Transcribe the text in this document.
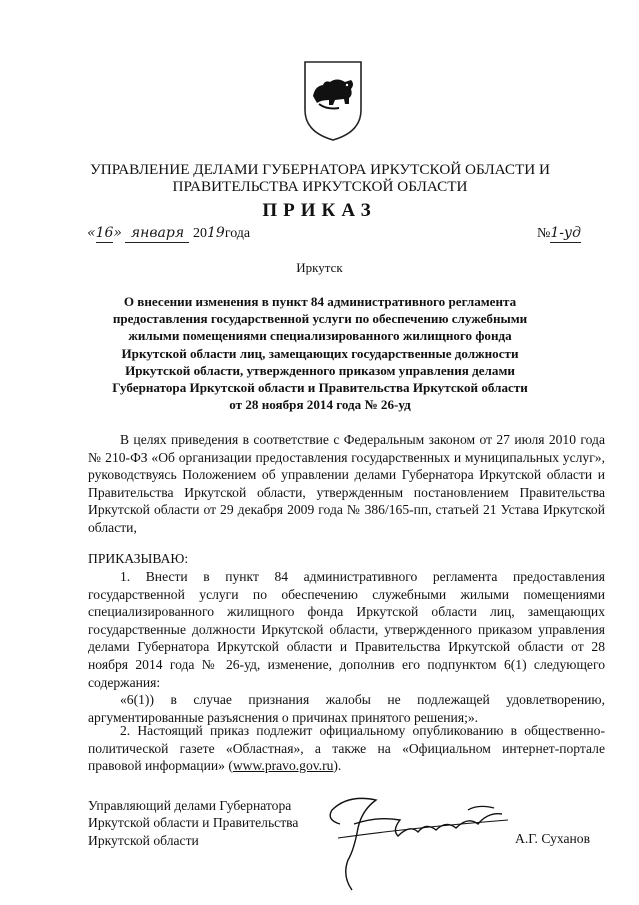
УПРАВЛЕНИЕ ДЕЛАМИ ГУБЕРНАТОРА ИРКУТСКОЙ ОБЛАСТИ И
ПРАВИТЕЛЬСТВА ИРКУТСКОЙ ОБЛАСТИ
ПРИКАЗ
«16» января 2019года	№1-уд
Иркутск
О внесении изменения в пункт 84 административного регламента
предоставления государственной услуги по обеспечению служебными
жилыми помещениями специализированного жилищного фонда
Иркутской области лиц, замещающих государственные должности
Иркутской области, утвержденного приказом управления делами
Губернатора Иркутской области и Правительства Иркутской области
от 28 ноября 2014 года № 26-уд

В целях приведения в соответствие с Федеральным законом от 27 июля 2010 года № 210-ФЗ «Об организации предоставления государственных и муниципальных услуг», руководствуясь Положением об управлении делами Губернатора Иркутской области и Правительства Иркутской области, утвержденным постановлением Правительства Иркутской области от 29 декабря 2009 года № 386/165-пп, статьей 21 Устава Иркутской области,

ПРИКАЗЫВАЮ:

1. Внести в пункт 84 административного регламента предоставления государственной услуги по обеспечению служебными жилыми помещениями специализированного жилищного фонда Иркутской области лиц, замещающих государственные должности Иркутской области, утвержденного приказом управления делами Губернатора Иркутской области и Правительства Иркутской области от 28 ноября 2014 года № 26-уд, изменение, дополнив его подпунктом 6(1) следующего содержания:

«6(1)) в случае признания жалобы не подлежащей удовлетворению, аргументированные разъяснения о причинах принятого решения;».

2. Настоящий приказ подлежит официальному опубликованию в общественно-политической газете «Областная», а также на «Официальном интернет-портале правовой информации» (www.pravo.gov.ru).

Управляющий делами Губернатора
Иркутской области и Правительства
Иркутской области	А.Г. Суханов
